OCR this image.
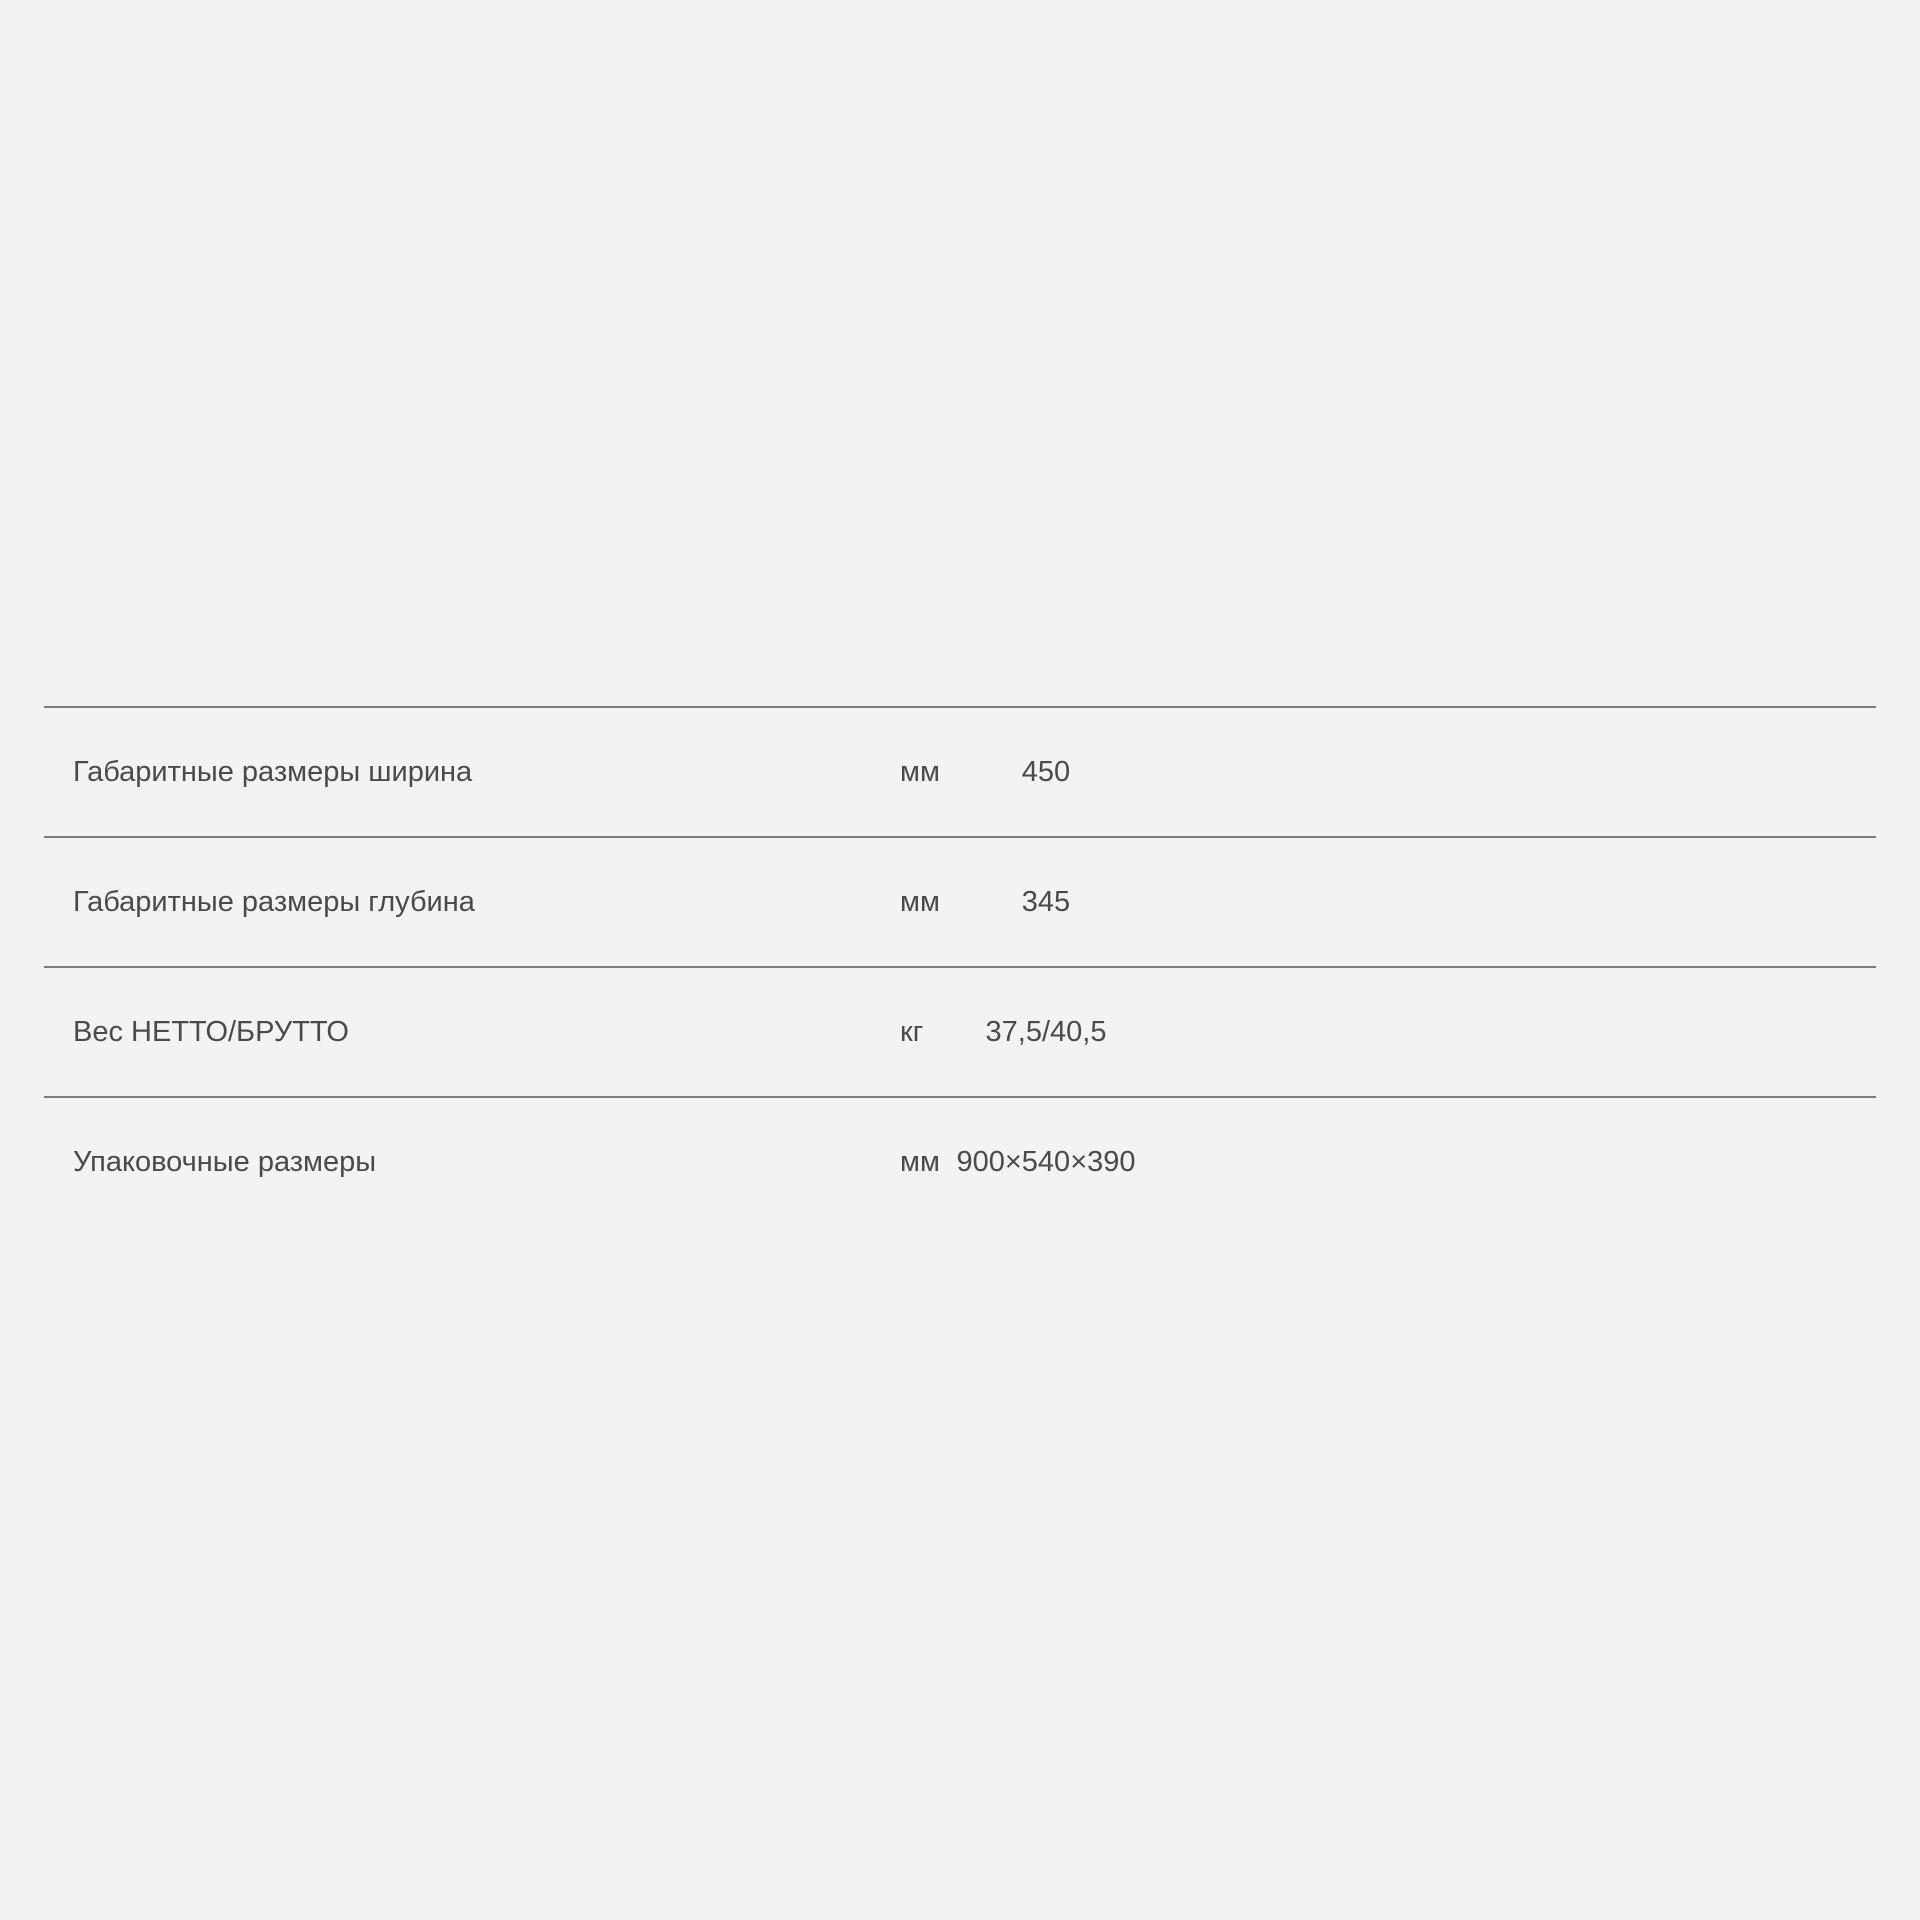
Габаритные размеры ширина	мм	450
Габаритные размеры глубина	мм	345
Вес НЕТТО/БРУТТО	кг	37,5/40,5
Упаковочные размеры	мм 900×540×390
